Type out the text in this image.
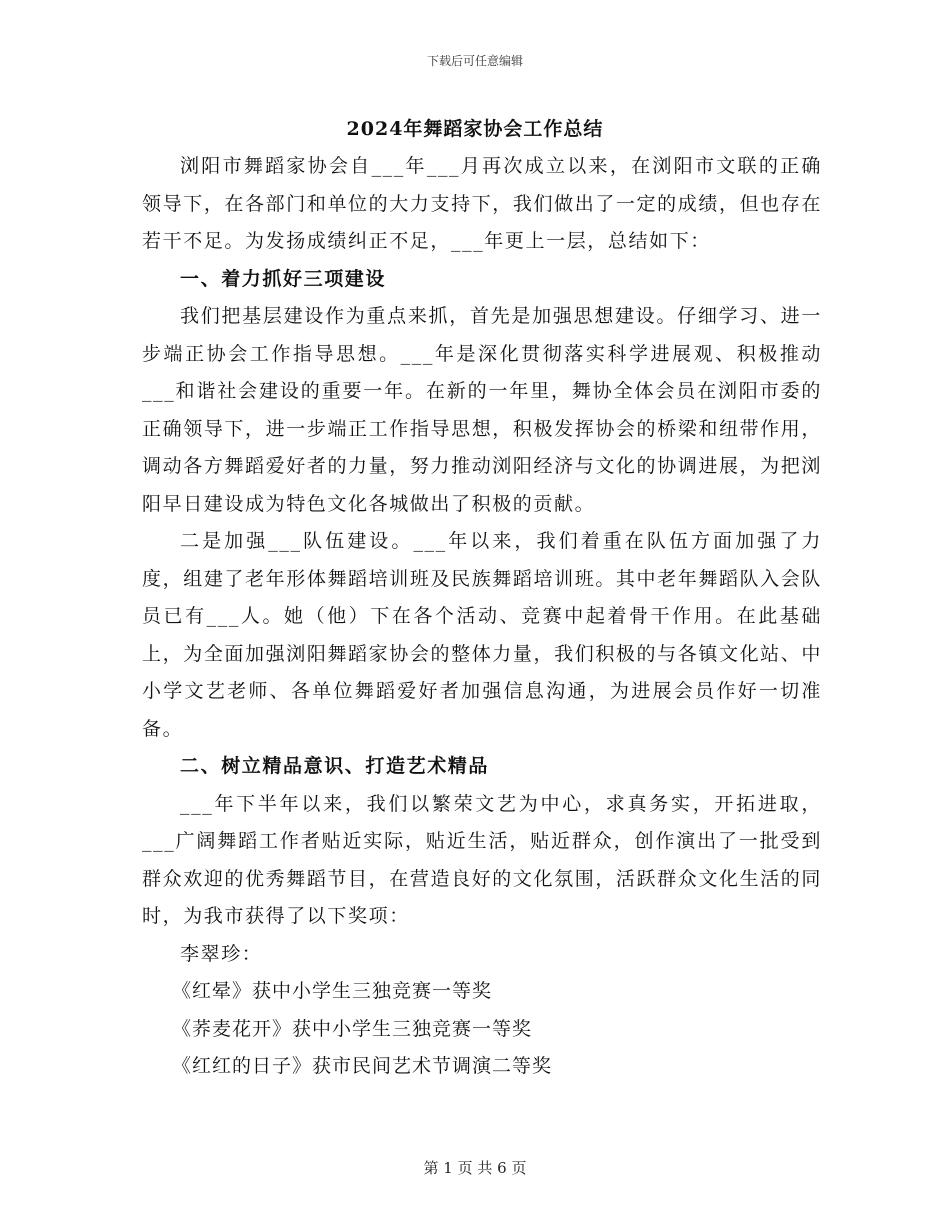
下载后可任意编辑
2024年舞蹈家协会工作总结

浏阳市舞蹈家协会自___年___月再次成立以来，在浏阳市文联的正确领导下，在各部门和单位的大力支持下，我们做出了一定的成绩，但也存在若干不足。为发扬成绩纠正不足，___年更上一层，总结如下：

一、着力抓好三项建设

我们把基层建设作为重点来抓，首先是加强思想建设。仔细学习、进一步端正协会工作指导思想。___年是深化贯彻落实科学进展观、积极推动___和谐社会建设的重要一年。在新的一年里，舞协全体会员在浏阳市委的正确领导下，进一步端正工作指导思想，积极发挥协会的桥梁和纽带作用，调动各方舞蹈爱好者的力量，努力推动浏阳经济与文化的协调进展，为把浏阳早日建设成为特色文化各城做出了积极的贡献。

二是加强___队伍建设。___年以来，我们着重在队伍方面加强了力度，组建了老年形体舞蹈培训班及民族舞蹈培训班。其中老年舞蹈队入会队员已有___人。她（他）下在各个活动、竞赛中起着骨干作用。在此基础上，为全面加强浏阳舞蹈家协会的整体力量，我们积极的与各镇文化站、中小学文艺老师、各单位舞蹈爱好者加强信息沟通，为进展会员作好一切准备。

二、树立精品意识、打造艺术精品

___年下半年以来，我们以繁荣文艺为中心，求真务实，开拓进取，___广阔舞蹈工作者贴近实际，贴近生活，贴近群众，创作演出了一批受到群众欢迎的优秀舞蹈节目，在营造良好的文化氛围，活跃群众文化生活的同时，为我市获得了以下奖项：

李翠珍：

《红晕》获中小学生三独竞赛一等奖

《荞麦花开》获中小学生三独竞赛一等奖

《红红的日子》获市民间艺术节调演二等奖

第 1 页 共 6 页
